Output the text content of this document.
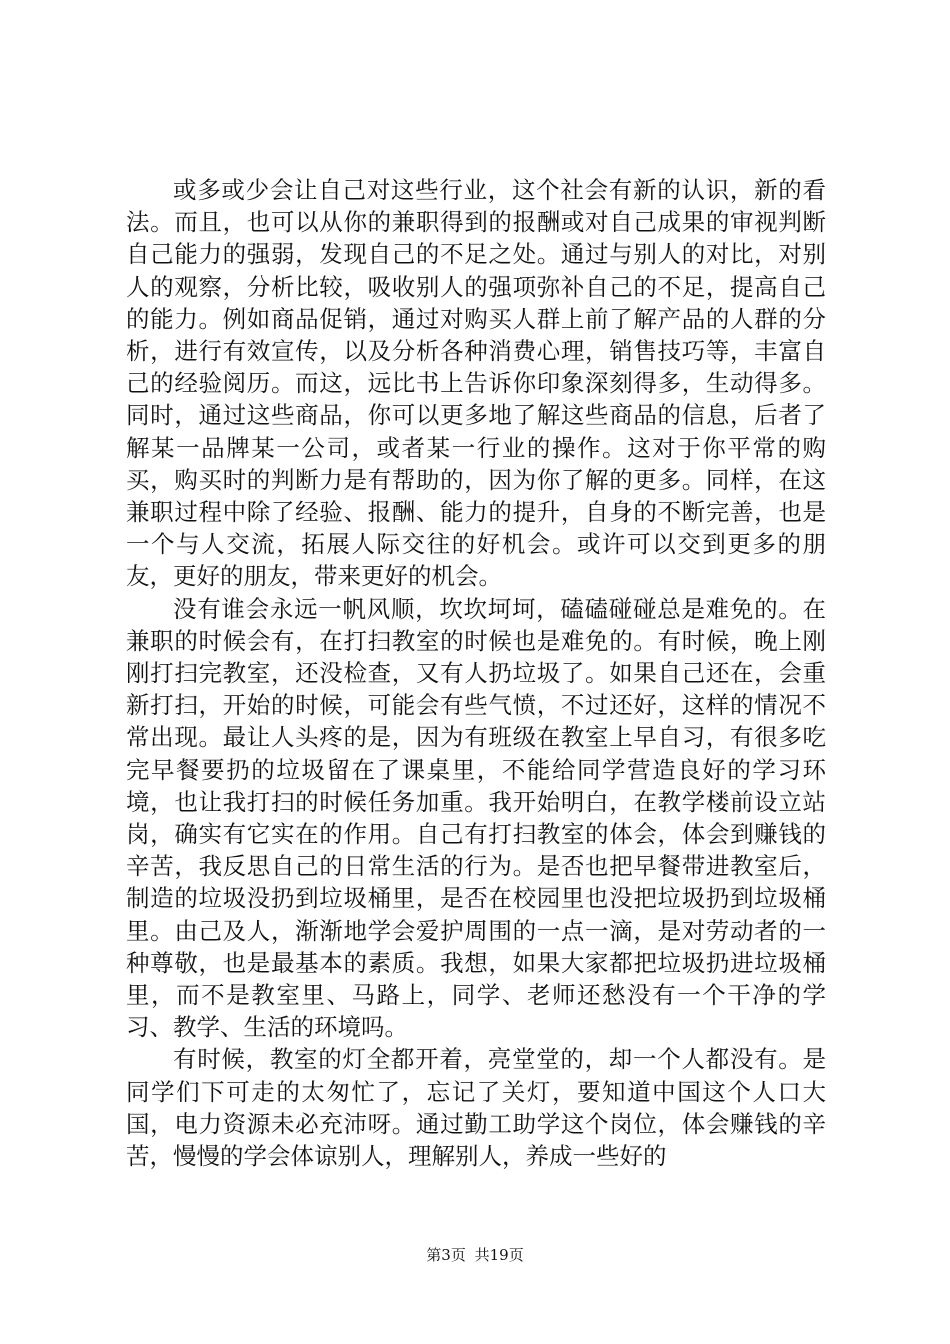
或多或少会让自己对这些行业，这个社会有新的认识，新的看法。而且，也可以从你的兼职得到的报酬或对自己成果的审视判断自己能力的强弱，发现自己的不足之处。通过与别人的对比，对别人的观察，分析比较，吸收别人的强项弥补自己的不足，提高自己的能力。例如商品促销，通过对购买人群上前了解产品的人群的分析，进行有效宣传，以及分析各种消费心理，销售技巧等，丰富自己的经验阅历。而这，远比书上告诉你印象深刻得多，生动得多。同时，通过这些商品，你可以更多地了解这些商品的信息，后者了解某一品牌某一公司，或者某一行业的操作。这对于你平常的购买，购买时的判断力是有帮助的，因为你了解的更多。同样，在这兼职过程中除了经验、报酬、能力的提升，自身的不断完善，也是一个与人交流，拓展人际交往的好机会。或许可以交到更多的朋友，更好的朋友，带来更好的机会。

没有谁会永远一帆风顺，坎坎坷坷，磕磕碰碰总是难免的。在兼职的时候会有，在打扫教室的时候也是难免的。有时候，晚上刚刚打扫完教室，还没检查，又有人扔垃圾了。如果自己还在，会重新打扫，开始的时候，可能会有些气愤，不过还好，这样的情况不常出现。最让人头疼的是，因为有班级在教室上早自习，有很多吃完早餐要扔的垃圾留在了课桌里，不能给同学营造良好的学习环境，也让我打扫的时候任务加重。我开始明白，在教学楼前设立站岗，确实有它实在的作用。自己有打扫教室的体会，体会到赚钱的辛苦，我反思自己的日常生活的行为。是否也把早餐带进教室后，制造的垃圾没扔到垃圾桶里，是否在校园里也没把垃圾扔到垃圾桶里。由己及人，渐渐地学会爱护周围的一点一滴，是对劳动者的一种尊敬，也是最基本的素质。我想，如果大家都把垃圾扔进垃圾桶里，而不是教室里、马路上，同学、老师还愁没有一个干净的学习、教学、生活的环境吗。

有时候，教室的灯全都开着，亮堂堂的，却一个人都没有。是同学们下可走的太匆忙了，忘记了关灯，要知道中国这个人口大国，电力资源未必充沛呀。通过勤工助学这个岗位，体会赚钱的辛苦，慢慢的学会体谅别人，理解别人，养成一些好的

第3页 共19页
